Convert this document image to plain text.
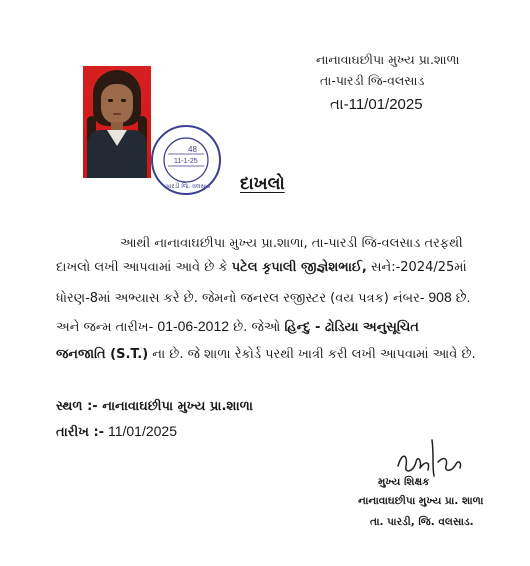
નાનાવાઘછીપા મુખ્ય પ્રા.શાળા
તા-પારડી જિ-વલસાડ
તા-11/01/2025
48
11-1-25
પારડી જિ. વલસાડ દાખલો
આથી નાનાવાઘછીપા મુખ્ય પ્રા.શાળા, તા-પારડી જિ-વલસાડ તરફથી
દાખલો લખી આપવામાં આવે છે કે પટેલ કૃપાલી જીજ્ઞેશભાઈ, સને:-2024/25માં
ધોરણ-8માં અભ્યાસ કરે છે. જેમનો જનરલ રજીસ્ટર (વય પત્રક) નંબર- 908 છે.
અને જન્મ તારીખ- 01-06-2012 છે. જેઓ હિન્દુ - ઢોડિયા અનુસૂચિત
જનજાતિ (S.T.) ના છે. જે શાળા રેકોર્ડ પરથી ખાત્રી કરી લખી આપવામાં આવે છે.
સ્થળ :- નાનાવાઘછીપા મુખ્ય પ્રા.શાળા
તારીખ :- 11/01/2025
મુખ્ય શિક્ષક
નાનાવાઘછીપા મુખ્ય પ્રા. શાળા
તા. પારડી, જિ. વલસાડ.
